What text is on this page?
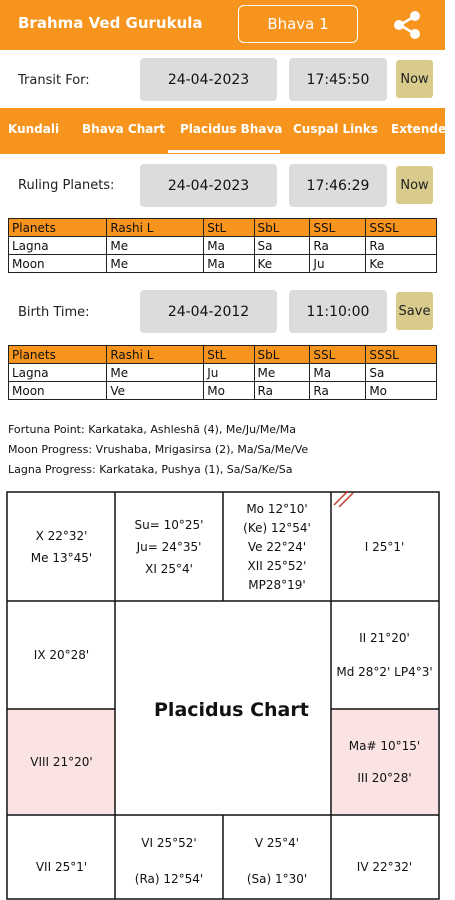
Brahma Ved Gurukula	Bhava 1
Transit For:	24-04-2023	17:45:50	Now
Kundali Bhava Chart Placidus Bhava Cuspal Links Extended
Ruling Planets:	24-04-2023	17:46:29	Now
Planets	Rashi L	StL	SbL	SSL	SSSL
Lagna	Me	Ma	Sa	Ra	Ra
Moon	Me	Ma	Ke	Ju	Ke
Birth Time:	24-04-2012	11:10:00	Save
Planets	Rashi L	StL	SbL	SSL	SSSL
Lagna	Me	Ju	Me	Ma	Sa
Moon	Ve	Mo	Ra	Ra	Mo
Fortuna Point: Karkataka, Ashleshā (4), Me/Ju/Me/Ma
Moon Progress: Vrushaba, Mrigasirsa (2), Ma/Sa/Me/Ve
Lagna Progress: Karkataka, Pushya (1), Sa/Sa/Ke/Sa
Placidus Chart
X 22°32'
Me 13°45'
Su= 10°25'
Ju= 24°35'
XI 25°4'
Mo 12°10'
(Ke) 12°54'
Ve 22°24'
XII 25°52'
MP28°19'
I 25°1'
IX 20°28'
II 21°20'
Md 28°2' LP4°3'
VIII 21°20'
Ma# 10°15'
III 20°28'
VII 25°1'
VI 25°52'
(Ra) 12°54'
V 25°4'
(Sa) 1°30'
IV 22°32'
